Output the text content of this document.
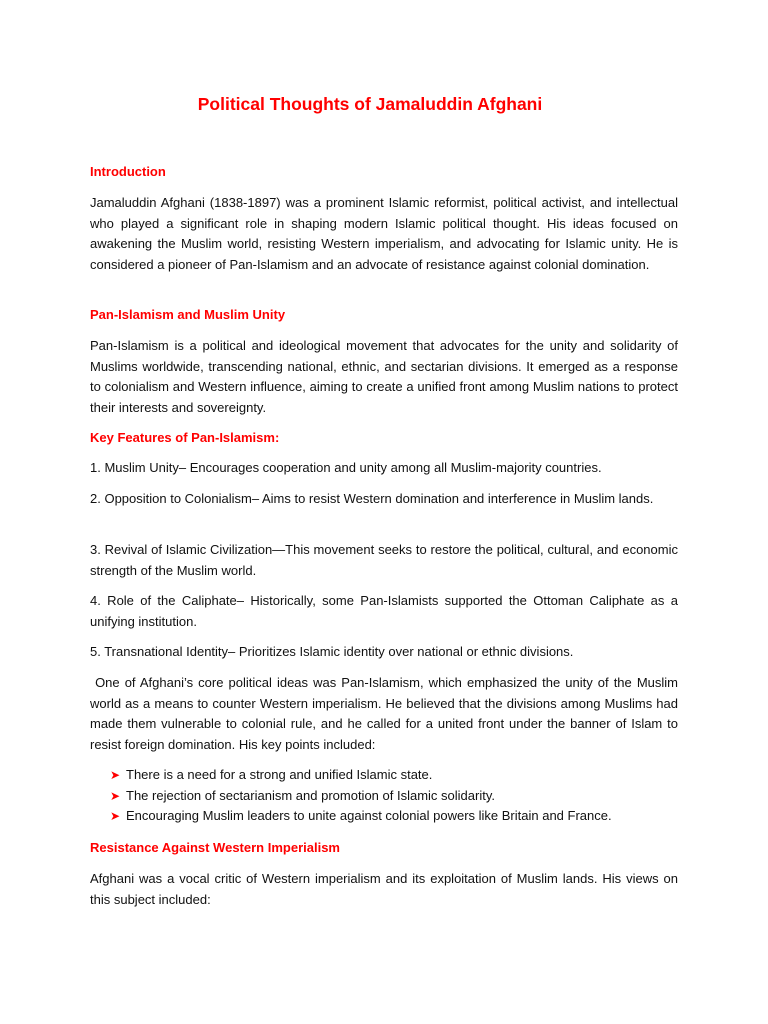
Political Thoughts of Jamaluddin Afghani
Introduction

Jamaluddin Afghani (1838-1897) was a prominent Islamic reformist, political activist, and intellectual who played a significant role in shaping modern Islamic political thought. His ideas focused on awakening the Muslim world, resisting Western imperialism, and advocating for Islamic unity. He is considered a pioneer of Pan-Islamism and an advocate of resistance against colonial domination.

Pan-Islamism and Muslim Unity

Pan-Islamism is a political and ideological movement that advocates for the unity and solidarity of Muslims worldwide, transcending national, ethnic, and sectarian divisions. It emerged as a response to colonialism and Western influence, aiming to create a unified front among Muslim nations to protect their interests and sovereignty.

Key Features of Pan-Islamism:

1. Muslim Unity– Encourages cooperation and unity among all Muslim-majority countries.

2. Opposition to Colonialism– Aims to resist Western domination and interference in Muslim lands.

3. Revival of Islamic Civilization—This movement seeks to restore the political, cultural, and economic strength of the Muslim world.

4. Role of the Caliphate– Historically, some Pan-Islamists supported the Ottoman Caliphate as a unifying institution.

5. Transnational Identity– Prioritizes Islamic identity over national or ethnic divisions.

One of Afghani’s core political ideas was Pan-Islamism, which emphasized the unity of the Muslim world as a means to counter Western imperialism. He believed that the divisions among Muslims had made them vulnerable to colonial rule, and he called for a united front under the banner of Islam to resist foreign domination. His key points included:

➤ There is a need for a strong and unified Islamic state.
➤ The rejection of sectarianism and promotion of Islamic solidarity.
➤ Encouraging Muslim leaders to unite against colonial powers like Britain and France.
Resistance Against Western Imperialism

Afghani was a vocal critic of Western imperialism and its exploitation of Muslim lands. His views on this subject included:
